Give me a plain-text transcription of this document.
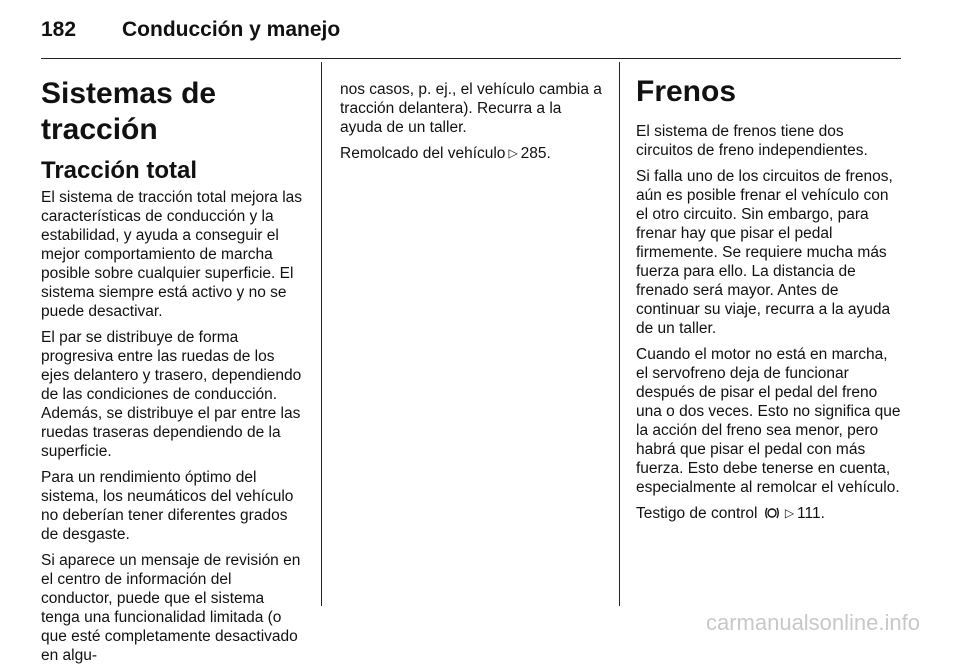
182 Conducción y manejo
Sistemas de tracción
Tracción total

El sistema de tracción total mejora las características de conducción y la estabilidad, y ayuda a conseguir el mejor comportamiento de marcha posible sobre cualquier superficie. El sistema siempre está activo y no se puede desactivar.

El par se distribuye de forma progresiva entre las ruedas de los ejes delantero y trasero, dependiendo de las condiciones de conducción. Además, se distribuye el par entre las ruedas traseras dependiendo de la superficie.

Para un rendimiento óptimo del sistema, los neumáticos del vehículo no deberían tener diferentes grados de desgaste.

Si aparece un mensaje de revisión en el centro de información del conductor, puede que el sistema tenga una funcionalidad limitada (o que esté completamente desactivado en algu-

nos casos, p. ej., el vehículo cambia a tracción delantera). Recurra a la ayuda de un taller.

Remolcado del vehículo ▷ 285.

Frenos

El sistema de frenos tiene dos circuitos de freno independientes.

Si falla uno de los circuitos de frenos, aún es posible frenar el vehículo con el otro circuito. Sin embargo, para frenar hay que pisar el pedal firmemente. Se requiere mucha más fuerza para ello. La distancia de frenado será mayor. Antes de continuar su viaje, recurra a la ayuda de un taller.

Cuando el motor no está en marcha, el servofreno deja de funcionar después de pisar el pedal del freno una o dos veces. Esto no significa que la acción del freno sea menor, pero habrá que pisar el pedal con más fuerza. Esto debe tenerse en cuenta, especialmente al remolcar el vehículo.

Testigo de control ▷ 111.

carmanualsonline.info
